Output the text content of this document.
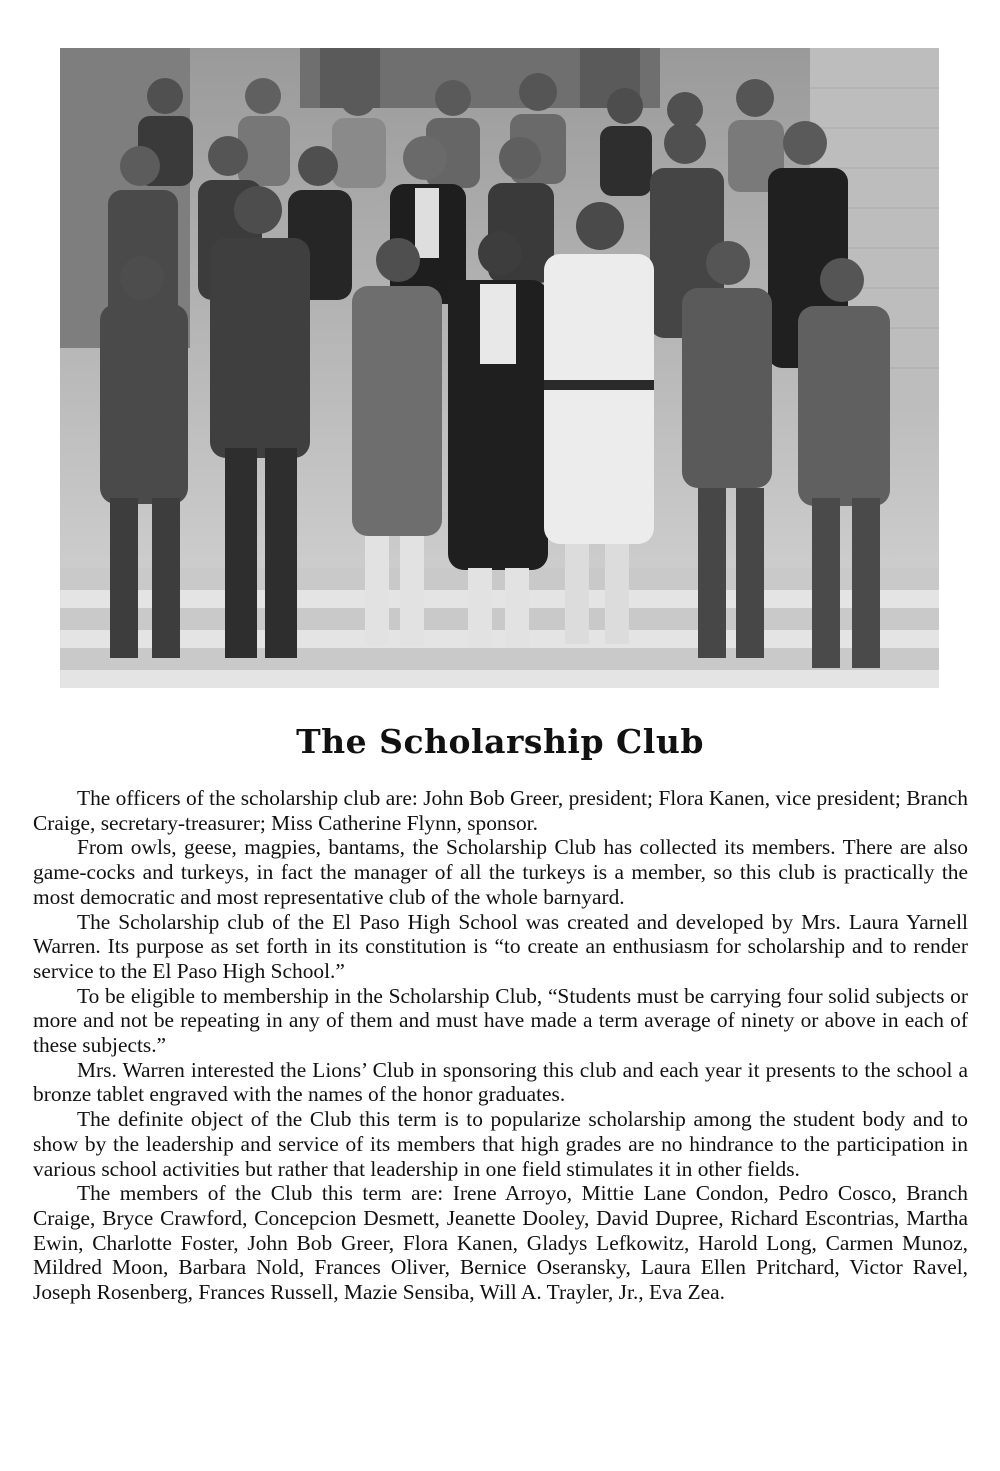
The Scholarship Club

The officers of the scholarship club are: John Bob Greer, president; Flora Kanen, vice president; Branch Craige, secretary-treasurer; Miss Catherine Flynn, sponsor.

From owls, geese, magpies, bantams, the Scholarship Club has collected its members. There are also game-cocks and turkeys, in fact the manager of all the turkeys is a member, so this club is practically the most democratic and most representative club of the whole barnyard.

The Scholarship club of the El Paso High School was created and developed by Mrs. Laura Yarnell Warren. Its purpose as set forth in its constitution is “to create an enthusiasm for scholarship and to render service to the El Paso High School.”

To be eligible to membership in the Scholarship Club, “Students must be carrying four solid subjects or more and not be repeating in any of them and must have made a term average of ninety or above in each of these subjects.”

Mrs. Warren interested the Lions’ Club in sponsoring this club and each year it presents to the school a bronze tablet engraved with the names of the honor graduates.

The definite object of the Club this term is to popularize scholarship among the student body and to show by the leadership and service of its members that high grades are no hindrance to the participation in various school activities but rather that leadership in one field stimulates it in other fields.

The members of the Club this term are: Irene Arroyo, Mittie Lane Condon, Pedro Cosco, Branch Craige, Bryce Crawford, Concepcion Desmett, Jeanette Dooley, David Dupree, Richard Escontrias, Martha Ewin, Charlotte Foster, John Bob Greer, Flora Kanen, Gladys Lefkowitz, Harold Long, Carmen Munoz, Mildred Moon, Barbara Nold, Frances Oliver, Bernice Oseransky, Laura Ellen Pritchard, Victor Ravel, Joseph Rosenberg, Frances Russell, Mazie Sensiba, Will A. Trayler, Jr., Eva Zea.
